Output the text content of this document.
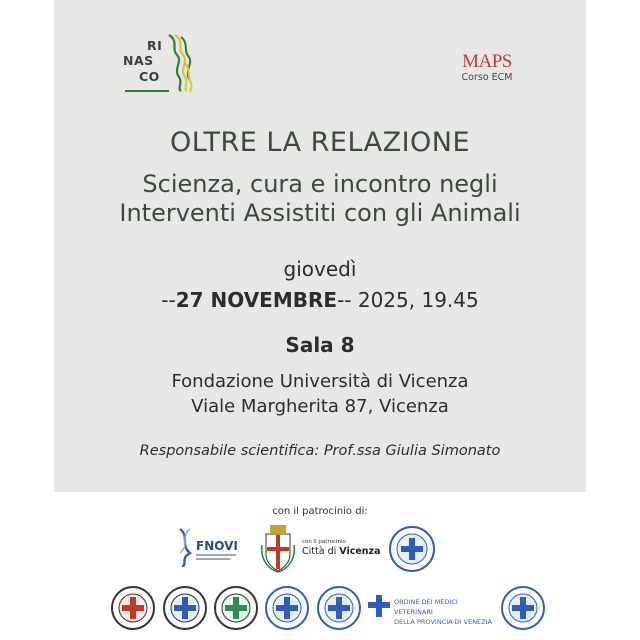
RI
NAS
CO
MAPS
Corso ECM
OLTRE LA RELAZIONE
Scienza, cura e incontro negli
Interventi Assistiti con gli Animali
giovedì
--27 NOVEMBRE-- 2025, 19.45
Sala 8
Fondazione Università di Vicenza
Viale Margherita 87, Vicenza
Responsabile scientifica: Prof.ssa Giulia Simonato
con il patrocinio di:
FNOVI	con il patrocinio
Città di Vicenza
ORDINE DEI MEDICI VETERINARI
DELLA PROVINCIA DI VENEZIA
